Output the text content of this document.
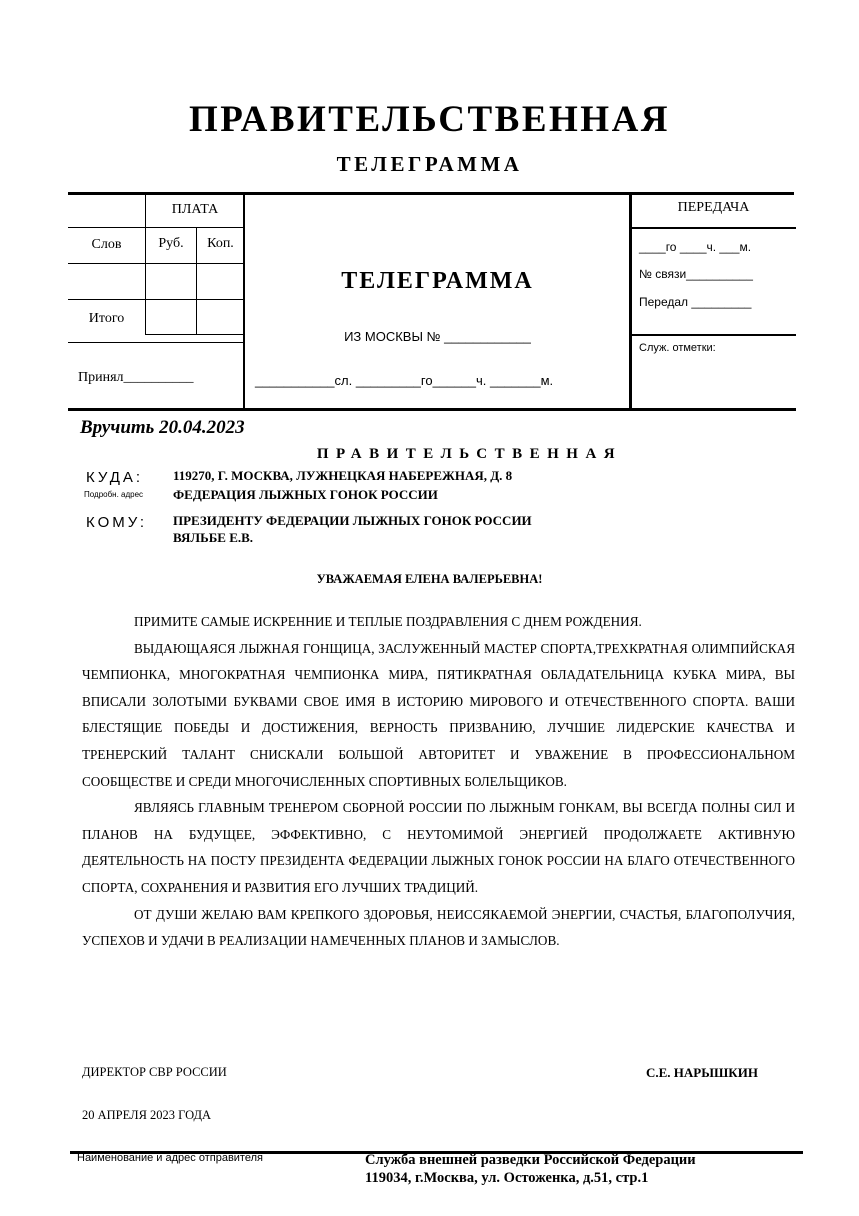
ПРАВИТЕЛЬСТВЕННАЯ
ТЕЛЕГРАММА
ПЛАТА
Слов	Руб.	Коп.
Итого
Принял__________
ТЕЛЕГРАММА
ИЗ МОСКВЫ № ____________
___________сл. _________го______ч. _______м.
ПЕРЕДАЧА
____го ____ч. ___м.
№ связи__________
Передал _________
Служ. отметки:
Вручить 20.04.2023
ПРАВИТЕЛЬСТВЕННАЯ
КУДА:
Подробн. адрес
119270, Г. МОСКВА, ЛУЖНЕЦКАЯ НАБЕРЕЖНАЯ, Д. 8
ФЕДЕРАЦИЯ ЛЫЖНЫХ ГОНОК РОССИИ
КОМУ: ПРЕЗИДЕНТУ ФЕДЕРАЦИИ ЛЫЖНЫХ ГОНОК РОССИИ
ВЯЛЬБЕ Е.В.
УВАЖАЕМАЯ ЕЛЕНА ВАЛЕРЬЕВНА!

ПРИМИТЕ САМЫЕ ИСКРЕННИЕ И ТЕПЛЫЕ ПОЗДРАВЛЕНИЯ С ДНЕМ РОЖДЕНИЯ.

ВЫДАЮЩАЯСЯ ЛЫЖНАЯ ГОНЩИЦА, ЗАСЛУЖЕННЫЙ МАСТЕР СПОРТА,ТРЕХКРАТНАЯ ОЛИМПИЙСКАЯ ЧЕМПИОНКА, МНОГОКРАТНАЯ ЧЕМПИОНКА МИРА, ПЯТИКРАТНАЯ ОБЛАДАТЕЛЬНИЦА КУБКА МИРА, ВЫ ВПИСАЛИ ЗОЛОТЫМИ БУКВАМИ СВОЕ ИМЯ В ИСТОРИЮ МИРОВОГО И ОТЕЧЕСТВЕННОГО СПОРТА. ВАШИ БЛЕСТЯЩИЕ ПОБЕДЫ И ДОСТИЖЕНИЯ, ВЕРНОСТЬ ПРИЗВАНИЮ, ЛУЧШИЕ ЛИДЕРСКИЕ КАЧЕСТВА И ТРЕНЕРСКИЙ ТАЛАНТ СНИСКАЛИ БОЛЬШОЙ АВТОРИТЕТ И УВАЖЕНИЕ В ПРОФЕССИОНАЛЬНОМ СООБЩЕСТВЕ И СРЕДИ МНОГОЧИСЛЕННЫХ СПОРТИВНЫХ БОЛЕЛЬЩИКОВ.

ЯВЛЯЯСЬ ГЛАВНЫМ ТРЕНЕРОМ СБОРНОЙ РОССИИ ПО ЛЫЖНЫМ ГОНКАМ, ВЫ ВСЕГДА ПОЛНЫ СИЛ И ПЛАНОВ НА БУДУЩЕЕ, ЭФФЕКТИВНО, С НЕУТОМИМОЙ ЭНЕРГИЕЙ ПРОДОЛЖАЕТЕ АКТИВНУЮ ДЕЯТЕЛЬНОСТЬ НА ПОСТУ ПРЕЗИДЕНТА ФЕДЕРАЦИИ ЛЫЖНЫХ ГОНОК РОССИИ НА БЛАГО ОТЕЧЕСТВЕННОГО СПОРТА, СОХРАНЕНИЯ И РАЗВИТИЯ ЕГО ЛУЧШИХ ТРАДИЦИЙ.

ОТ ДУШИ ЖЕЛАЮ ВАМ КРЕПКОГО ЗДОРОВЬЯ, НЕИССЯКАЕМОЙ ЭНЕРГИИ, СЧАСТЬЯ, БЛАГОПОЛУЧИЯ, УСПЕХОВ И УДАЧИ В РЕАЛИЗАЦИИ НАМЕЧЕННЫХ ПЛАНОВ И ЗАМЫСЛОВ.

ДИРЕКТОР СВР РОССИИ	С.Е. НАРЫШКИН
20 АПРЕЛЯ 2023 ГОДА
Наименование и адрес отправителя	Служба внешней разведки Российской Федерации
119034, г.Москва, ул. Остоженка, д.51, стр.1
